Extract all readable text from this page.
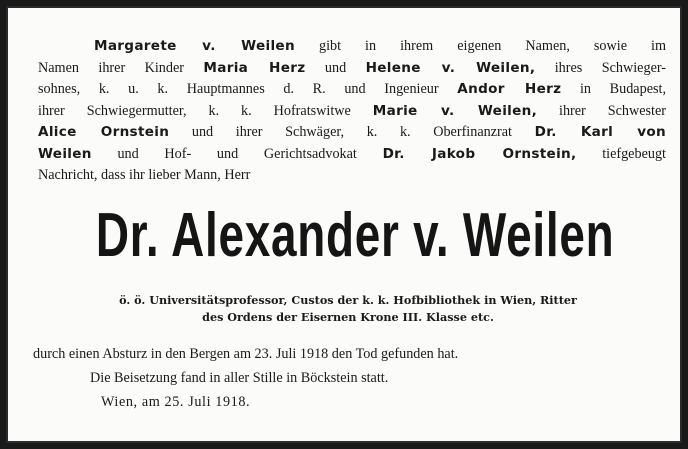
Margarete v. Weilen gibt in ihrem eigenen Namen, sowie im
Namen ihrer Kinder Maria Herz und Helene v. Weilen, ihres Schwieger-
sohnes, k. u. k. Hauptmannes d. R. und Ingenieur Andor Herz in Budapest,
ihrer Schwiegermutter, k. k. Hofratswitwe Marie v. Weilen, ihrer Schwester
Alice Ornstein und ihrer Schwäger, k. k. Oberfinanzrat Dr. Karl von
Weilen und Hof- und Gerichtsadvokat Dr. Jakob Ornstein, tiefgebeugt
Nachricht, dass ihr lieber Mann, Herr
Dr. Alexander v. Weilen
ö. ö. Universitätsprofessor, Custos der k. k. Hofbibliothek in Wien, Ritter
des Ordens der Eisernen Krone III. Klasse etc.
durch einen Absturz in den Bergen am 23. Juli 1918 den Tod gefunden hat.
Die Beisetzung fand in aller Stille in Böckstein statt.
Wien, am 25. Juli 1918.
